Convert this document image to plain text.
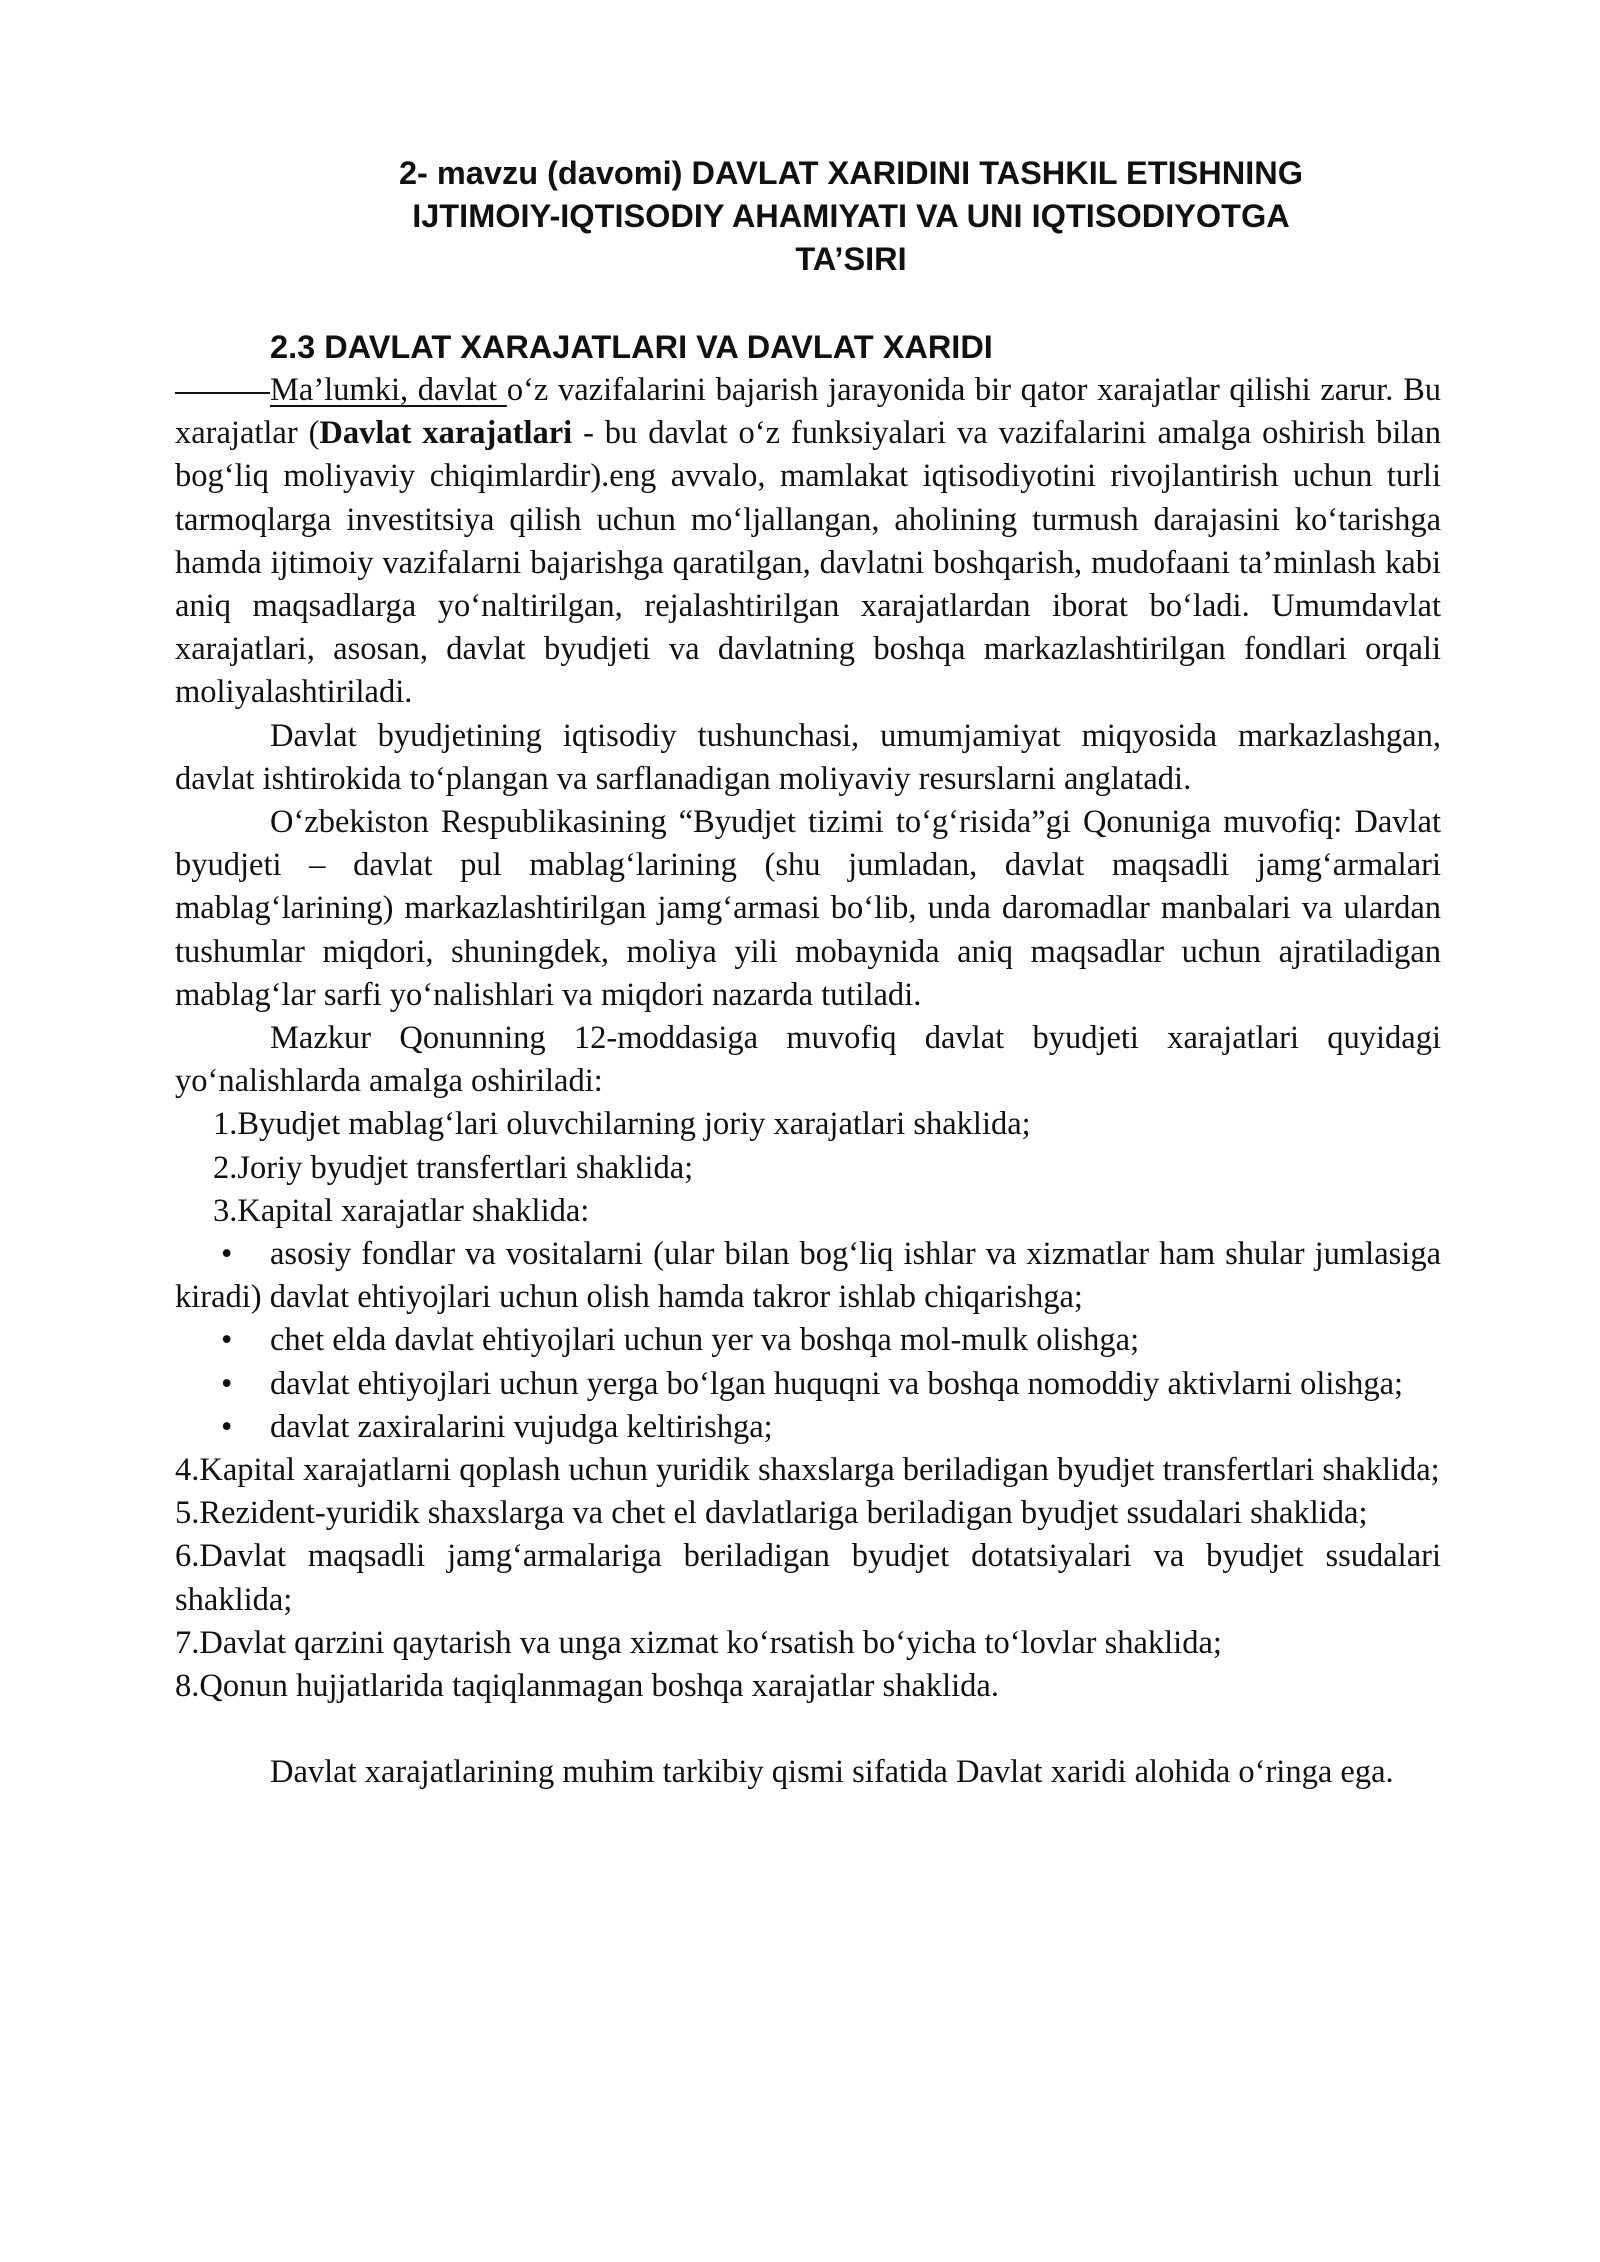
2- mavzu (davomi) DAVLAT XARIDINI TASHKIL ETISHNING
IJTIMOIY-IQTISODIY AHAMIYATI VA UNI IQTISODIYOTGA
TA’SIRI
2.3 DAVLAT XARAJATLARI VA DAVLAT XARIDI

Ma’lumki, davlat o‘z vazifalarini bajarish jarayonida bir qator xarajatlar qilishi zarur. Bu xarajatlar (Davlat xarajatlari - bu davlat o‘z funksiyalari va vazifalarini amalga oshirish bilan bog‘liq moliyaviy chiqimlardir).eng avvalo, mamlakat iqtisodiyotini rivojlantirish uchun turli tarmoqlarga investitsiya qilish uchun mo‘ljallangan, aholining turmush darajasini ko‘tarishga hamda ijtimoiy vazifalarni bajarishga qaratilgan, davlatni boshqarish, mudofaani ta’minlash kabi aniq maqsadlarga yo‘naltirilgan, rejalashtirilgan xarajatlardan iborat bo‘ladi. Umumdavlat xarajatlari, asosan, davlat byudjeti va davlatning boshqa markazlashtirilgan fondlari orqali moliyalashtiriladi.

Davlat byudjetining iqtisodiy tushunchasi, umumjamiyat miqyosida markazlashgan, davlat ishtirokida to‘plangan va sarflanadigan moliyaviy resurslarni anglatadi.

O‘zbekiston Respublikasining “Byudjet tizimi to‘g‘risida”gi Qonuniga muvofiq: Davlat byudjeti – davlat pul mablag‘larining (shu jumladan, davlat maqsadli jamg‘armalari mablag‘larining) markazlashtirilgan jamg‘armasi bo‘lib, unda daromadlar manbalari va ulardan tushumlar miqdori, shuningdek, moliya yili mobaynida aniq maqsadlar uchun ajratiladigan mablag‘lar sarfi yo‘nalishlari va miqdori nazarda tutiladi.

Mazkur Qonunning 12-moddasiga muvofiq davlat byudjeti xarajatlari quyidagi yo‘nalishlarda amalga oshiriladi:

1.Byudjet mablag‘lari oluvchilarning joriy xarajatlari shaklida;

2.Joriy byudjet transfertlari shaklida;

3.Kapital xarajatlar shaklida:

• asosiy fondlar va vositalarni (ular bilan bog‘liq ishlar va xizmatlar ham shular jumlasiga kiradi) davlat ehtiyojlari uchun olish hamda takror ishlab chiqarishga;

• chet elda davlat ehtiyojlari uchun yer va boshqa mol-mulk olishga;

• davlat ehtiyojlari uchun yerga bo‘lgan huquqni va boshqa nomoddiy aktivlarni olishga;

• davlat zaxiralarini vujudga keltirishga;

4.Kapital xarajatlarni qoplash uchun yuridik shaxslarga beriladigan byudjet transfertlari shaklida;

5.Rezident-yuridik shaxslarga va chet el davlatlariga beriladigan byudjet ssudalari shaklida;

6.Davlat maqsadli jamg‘armalariga beriladigan byudjet dotatsiyalari va byudjet ssudalari shaklida;

7.Davlat qarzini qaytarish va unga xizmat ko‘rsatish bo‘yicha to‘lovlar shaklida;

8.Qonun hujjatlarida taqiqlanmagan boshqa xarajatlar shaklida.

Davlat xarajatlarining muhim tarkibiy qismi sifatida Davlat xaridi alohida o‘ringa ega.
